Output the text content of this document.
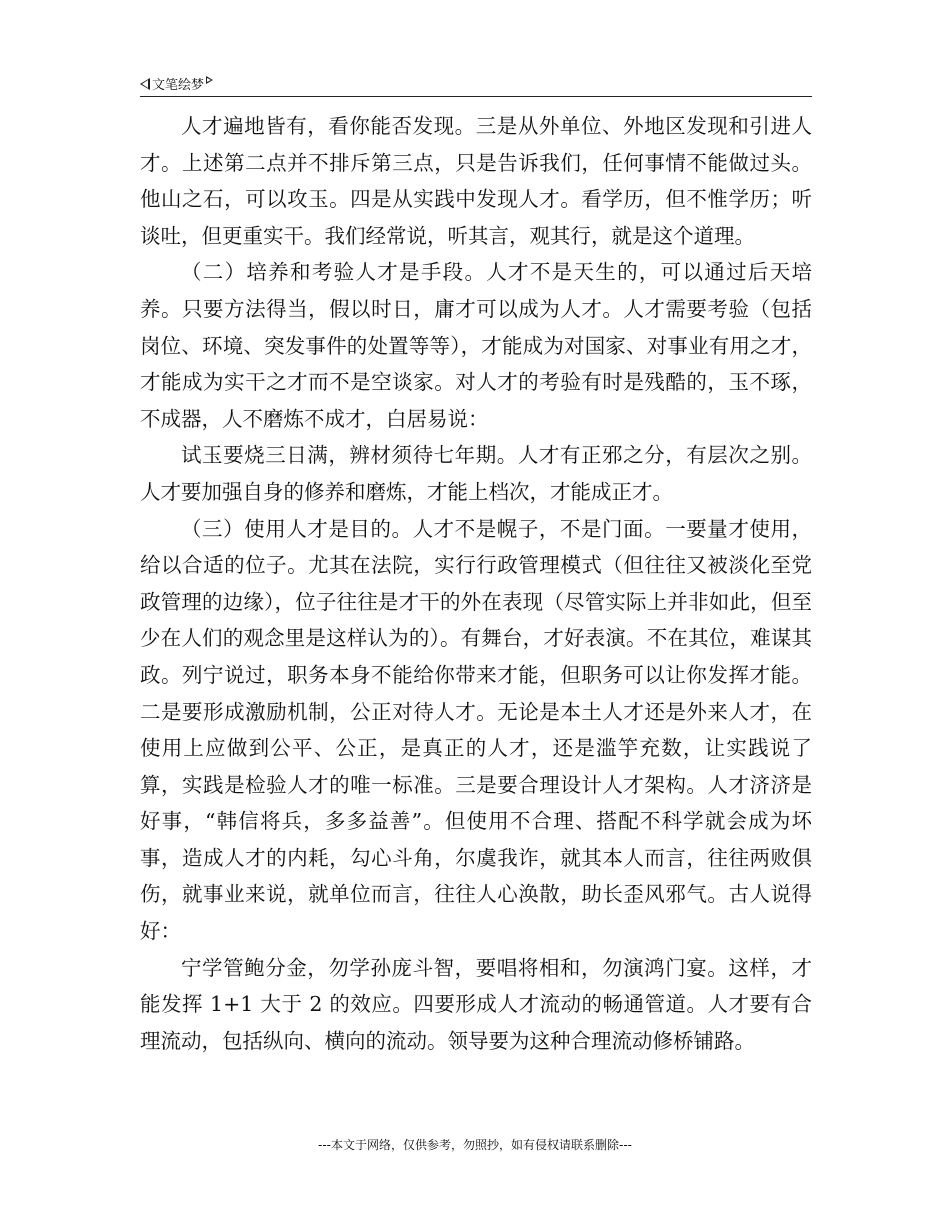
文笔绘梦

人才遍地皆有，看你能否发现。三是从外单位、外地区发现和引进人才。上述第二点并不排斥第三点，只是告诉我们，任何事情不能做过头。他山之石，可以攻玉。四是从实践中发现人才。看学历，但不惟学历；听谈吐，但更重实干。我们经常说，听其言，观其行，就是这个道理。

（二）培养和考验人才是手段。人才不是天生的，可以通过后天培养。只要方法得当，假以时日，庸才可以成为人才。人才需要考验（包括岗位、环境、突发事件的处置等等），才能成为对国家、对事业有用之才，才能成为实干之才而不是空谈家。对人才的考验有时是残酷的，玉不琢，不成器，人不磨炼不成才，白居易说：

试玉要烧三日满，辨材须待七年期。人才有正邪之分，有层次之别。人才要加强自身的修养和磨炼，才能上档次，才能成正才。

（三）使用人才是目的。人才不是幌子，不是门面。一要量才使用，给以合适的位子。尤其在法院，实行行政管理模式（但往往又被淡化至党政管理的边缘），位子往往是才干的外在表现（尽管实际上并非如此，但至少在人们的观念里是这样认为的）。有舞台，才好表演。不在其位，难谋其政。列宁说过，职务本身不能给你带来才能，但职务可以让你发挥才能。二是要形成激励机制，公正对待人才。无论是本土人才还是外来人才，在使用上应做到公平、公正，是真正的人才，还是滥竽充数，让实践说了算，实践是检验人才的唯一标准。三是要合理设计人才架构。人才济济是好事，“韩信将兵，多多益善”。但使用不合理、搭配不科学就会成为坏事，造成人才的内耗，勾心斗角，尔虞我诈，就其本人而言，往往两败俱伤，就事业来说，就单位而言，往往人心涣散，助长歪风邪气。古人说得好：

宁学管鲍分金，勿学孙庞斗智，要唱将相和，勿演鸿门宴。这样，才能发挥 1+1 大于 2 的效应。四要形成人才流动的畅通管道。人才要有合理流动，包括纵向、横向的流动。领导要为这种合理流动修桥铺路。

---本文于网络，仅供参考，勿照抄，如有侵权请联系删除---
